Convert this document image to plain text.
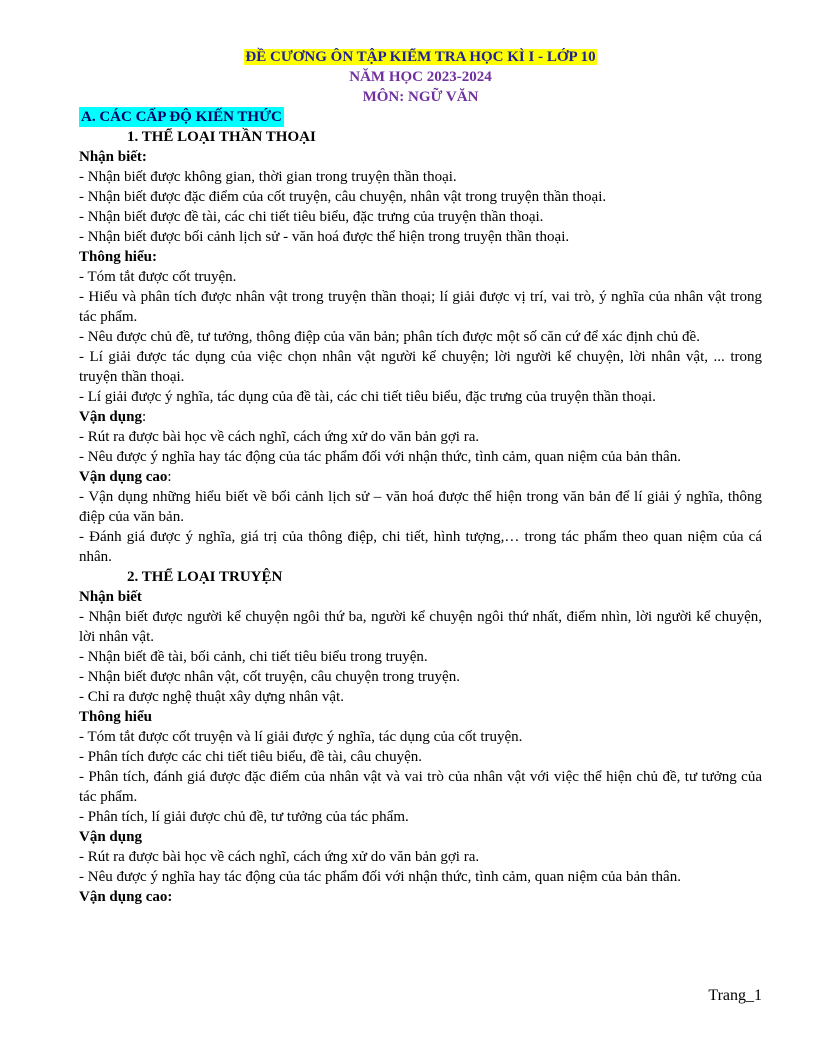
ĐỀ CƯƠNG ÔN TẬP KIỂM TRA HỌC KÌ I - LỚP 10
NĂM HỌC 2023-2024
MÔN: NGỮ VĂN
A. CÁC CẤP ĐỘ KIẾN THỨC
1. THỂ LOẠI THẦN THOẠI
Nhận biết:
- Nhận biết được không gian, thời gian trong truyện thần thoại.
- Nhận biết được đặc điểm của cốt truyện, câu chuyện, nhân vật trong truyện thần thoại.
- Nhận biết được đề tài, các chi tiết tiêu biểu, đặc trưng của truyện thần thoại.
- Nhận biết được bối cảnh lịch sử - văn hoá được thể hiện trong truyện thần thoại.
Thông hiểu:
- Tóm tắt được cốt truyện.
- Hiểu và phân tích được nhân vật trong truyện thần thoại; lí giải được vị trí, vai trò, ý nghĩa của nhân vật trong tác phẩm.
- Nêu được chủ đề, tư tưởng, thông điệp của văn bản; phân tích được một số căn cứ để xác định chủ đề.
- Lí giải được tác dụng của việc chọn nhân vật người kể chuyện; lời người kể chuyện, lời nhân vật, ... trong truyện thần thoại.
- Lí giải được ý nghĩa, tác dụng của đề tài, các chi tiết tiêu biểu, đặc trưng của truyện thần thoại.
Vận dụng:
- Rút ra được bài học về cách nghĩ, cách ứng xử do văn bản gợi ra.
- Nêu được ý nghĩa hay tác động của tác phẩm đối với nhận thức, tình cảm, quan niệm của bản thân.
Vận dụng cao:
- Vận dụng những hiểu biết về bối cảnh lịch sử – văn hoá được thể hiện trong văn bản để lí giải ý nghĩa, thông điệp của văn bản.
- Đánh giá được ý nghĩa, giá trị của thông điệp, chi tiết, hình tượng,… trong tác phẩm theo quan niệm của cá nhân.
2. THỂ LOẠI TRUYỆN
Nhận biết
- Nhận biết được người kể chuyện ngôi thứ ba, người kể chuyện ngôi thứ nhất, điểm nhìn, lời người kể chuyện, lời nhân vật.
- Nhận biết đề tài, bối cảnh, chi tiết tiêu biểu trong truyện.
- Nhận biết được nhân vật, cốt truyện, câu chuyện trong truyện.
- Chỉ ra được nghệ thuật xây dựng nhân vật.
Thông hiểu
- Tóm tắt được cốt truyện và lí giải được ý nghĩa, tác dụng của cốt truyện.
- Phân tích được các chi tiết tiêu biểu, đề tài, câu chuyện.
- Phân tích, đánh giá được đặc điểm của nhân vật và vai trò của nhân vật với việc thể hiện chủ đề, tư tưởng của tác phẩm.
- Phân tích, lí giải được chủ đề, tư tưởng của tác phẩm.
Vận dụng
- Rút ra được bài học về cách nghĩ, cách ứng xử do văn bản gợi ra.
- Nêu được ý nghĩa hay tác động của tác phẩm đối với nhận thức, tình cảm, quan niệm của bản thân.
Vận dụng cao:
Trang_1
